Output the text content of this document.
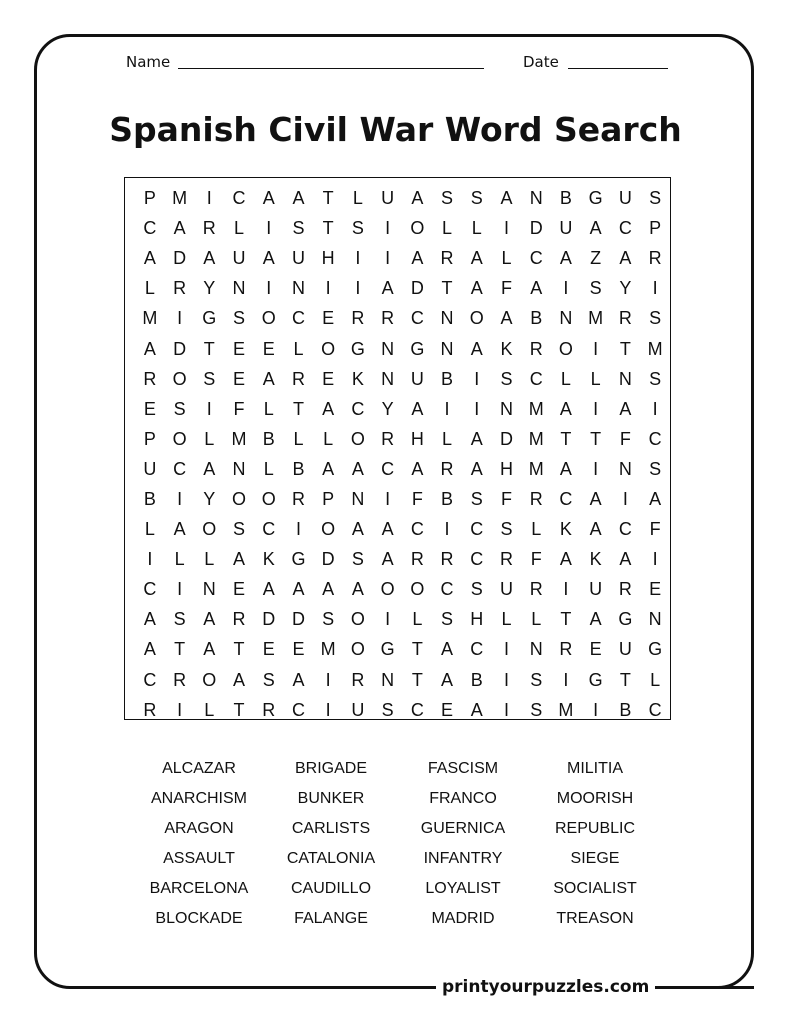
Name	Date
Spanish Civil War Word Search
P M	I	C A A	T	L	U A S S A N B G U S
C A R	L	I	S	T	S	I	O L	L	I	D U A C P
A D A U A U H	I	I	A R A	L	C A	Z	A R
L	R Y N	I	N	I	I	A D T	A	F	A	I	S Y	I
M	I	G S O C E R R C N O A B N M R S
A D T	E E	L O G N G N A K R O	I	T M
R O S E A R E K N U B	I	S C	L	L	N S
E S	I	F	L	T	A C Y A	I	I	N M A	I	A	I
P O L M B	L	L O R H	L	A D M T	T	F C
U C A N	L	B A A C A R A H M A	I	N S
B	I	Y O O R P N	I	F	B S	F R C A	I	A
L	A O S C	I	O A A C	I	C S	L	K A C F
I	L	L	A K G D S A R R C R F	A K A	I
C	I	N E A A A A O O C S U R	I	U R E
A S A R D D S O	I	L	S H	L	L	T	A G N
A	T	A	T	E E M O G T	A C	I	N R E U G
C R O A S A	I	R N T	A B	I	S	I	G T	L
R	I	L	T R C	I	U S C E A	I	S M	I	B C
ALCAZAR	BRIGADE	FASCISM	MILITIA
ANARCHISM	BUNKER	FRANCO	MOORISH
ARAGON	CARLISTS	GUERNICA	REPUBLIC
ASSAULT	CATALONIA	INFANTRY	SIEGE
BARCELONA	CAUDILLO	LOYALIST	SOCIALIST
BLOCKADE	FALANGE	MADRID	TREASON
printyourpuzzles.com
